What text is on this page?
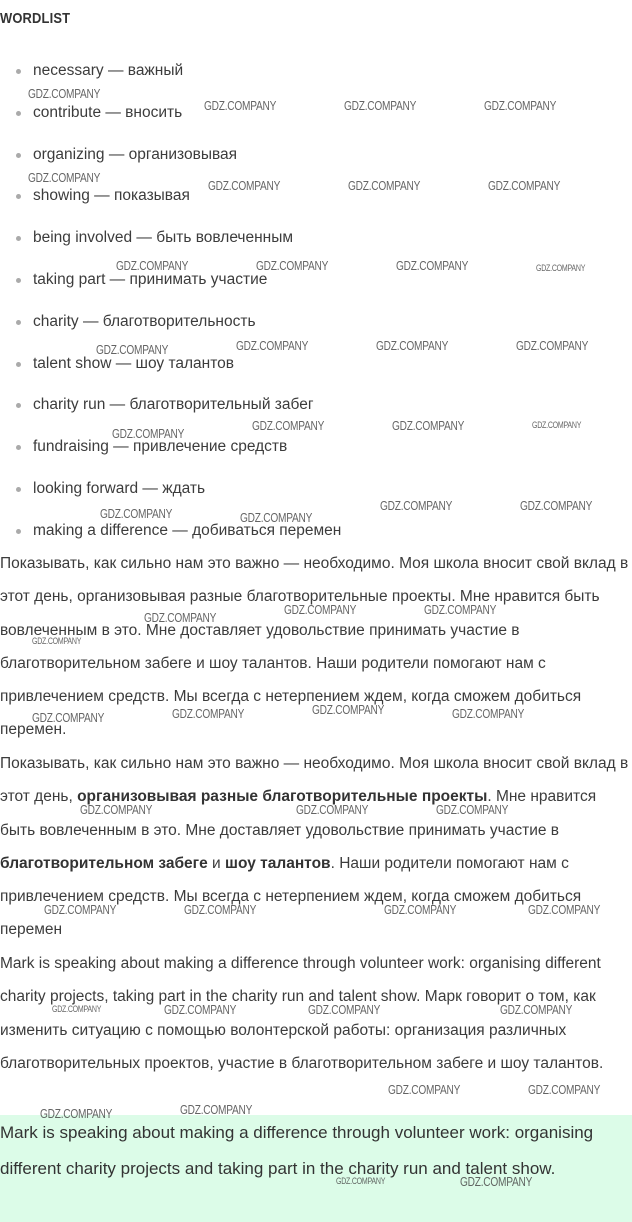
WORDLIST
necessary — важный
contribute — вносить
organizing — организовывая
showing — показывая
being involved — быть вовлеченным
taking part — принимать участие
charity — благотворительность
talent show — шоу талантов
charity run — благотворительный забег
fundraising — привлечение средств
looking forward — ждать
making a difference — добиваться перемен
Показывать, как сильно нам это важно — необходимо. Моя школа вносит свой вклад в этот день, организовывая разные благотворительные проекты. Мне нравится быть вовлеченным в это. Мне доставляет удовольствие принимать участие в благотворительном забеге и шоу талантов. Наши родители помогают нам с привлечением средств. Мы всегда с нетерпением ждем, когда сможем добиться перемен.
Показывать, как сильно нам это важно — необходимо. Моя школа вносит свой вклад в этот день, организовывая разные благотворительные проекты. Мне нравится быть вовлеченным в это. Мне доставляет удовольствие принимать участие в благотворительном забеге и шоу талантов. Наши родители помогают нам с привлечением средств. Мы всегда с нетерпением ждем, когда сможем добиться перемен
Mark is speaking about making a difference through volunteer work: organising different charity projects, taking part in the charity run and talent show. Марк говорит о том, как изменить ситуацию с помощью волонтерской работы: организация различных благотворительных проектов, участие в благотворительном забеге и шоу талантов.
Mark is speaking about making a difference through volunteer work: organising different charity projects and taking part in the charity run and talent show.
GDZ.COMPANY
GDZ.COMPANY	GDZ.COMPANY	GDZ.COMPANY
GDZ.COMPANY
GDZ.COMPANY	GDZ.COMPANY	GDZ.COMPANY
GDZ.COMPANY	GDZ.COMPANY	GDZ.COMPANY	GDZ.COMPANY
GDZ.COMPANY	GDZ.COMPANY	GDZ.COMPANY	GDZ.COMPANY
GDZ.COMPANY
GDZ.COMPANY	GDZ.COMPANY	GDZ.COMPANY
GDZ.COMPANY	GDZ.COMPANY
GDZ.COMPANY	GDZ.COMPANY
GDZ.COMPANY
GDZ.COMPANY	GDZ.COMPANY
GDZ.COMPANY
GDZ.COMPANY	GDZ.COMPANY	GDZ.COMPANY	GDZ.COMPANY
GDZ.COMPANY	GDZ.COMPANY	GDZ.COMPANY
GDZ.COMPANY	GDZ.COMPANY	GDZ.COMPANY	GDZ.COMPANY
GDZ.COMPANY	GDZ.COMPANY	GDZ.COMPANY	GDZ.COMPANY
GDZ.COMPANY	GDZ.COMPANY
GDZ.COMPANY	GDZ.COMPANY
GDZ.COMPANY	GDZ.COMPANY
